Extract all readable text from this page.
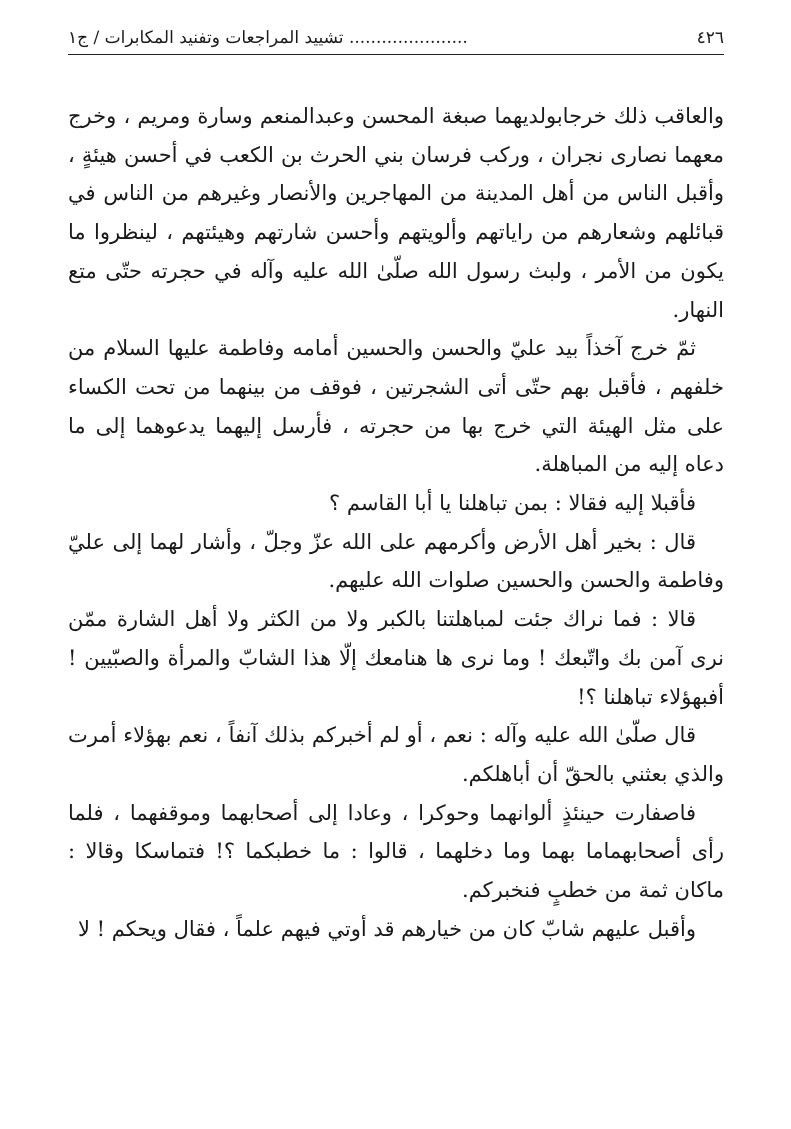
٤٢٦
...................... تشييد المراجعات وتفنيد المكابرات / ج١

والعاقب ذلك خرجابولديهما صبغة المحسن وعبدالمنعم وسارة ومريم ، وخرج معهما نصارى نجران ، وركب فرسان بني الحرث بن الكعب في أحسن هيئةٍ ، وأقبل الناس من أهل المدينة من المهاجرين والأنصار وغيرهم من الناس في قبائلهم وشعارهم من راياتهم وألويتهم وأحسن شارتهم وهيئتهم ، لينظروا ما يكون من الأمر ، ولبث رسول الله صلّىٰ الله عليه وآله في حجرته حتّى متع النهار.

ثمّ خرج آخذاً بيد عليّ والحسن والحسين أمامه وفاطمة عليها السلام من خلفهم ، فأقبل بهم حتّى أتى الشجرتين ، فوقف من بينهما من تحت الكساء على مثل الهيئة التي خرج بها من حجرته ، فأرسل إليهما يدعوهما إلى ما دعاه إليه من المباهلة.

فأقبلا إليه فقالا : بمن تباهلنا يا أبا القاسم ؟

قال : بخير أهل الأرض وأكرمهم على الله عزّ وجلّ ، وأشار لهما إلى عليّ وفاطمة والحسن والحسين صلوات الله عليهم.

قالا : فما نراك جئت لمباهلتنا بالكبر ولا من الكثر ولا أهل الشارة ممّن نرى آمن بك واتّبعك ! وما نرى ها هنامعك إلّا هذا الشابّ والمرأة والصبّيين ! أفبهؤلاء تباهلنا ؟!

قال صلّىٰ الله عليه وآله : نعم ، أو لم أخبركم بذلك آنفاً ، نعم بهؤلاء أمرت والذي بعثني بالحقّ أن أباهلكم.

فاصفارت حينئذٍ ألوانهما وحوكرا ، وعادا إلى أصحابهما وموقفهما ، فلما رأى أصحابهماما بهما وما دخلهما ، قالوا : ما خطبكما ؟! فتماسكا وقالا : ماكان ثمة من خطبٍ فنخبركم.

وأقبل عليهم شابّ كان من خيارهم قد أوتي فيهم علماً ، فقال ويحكم ! لا
